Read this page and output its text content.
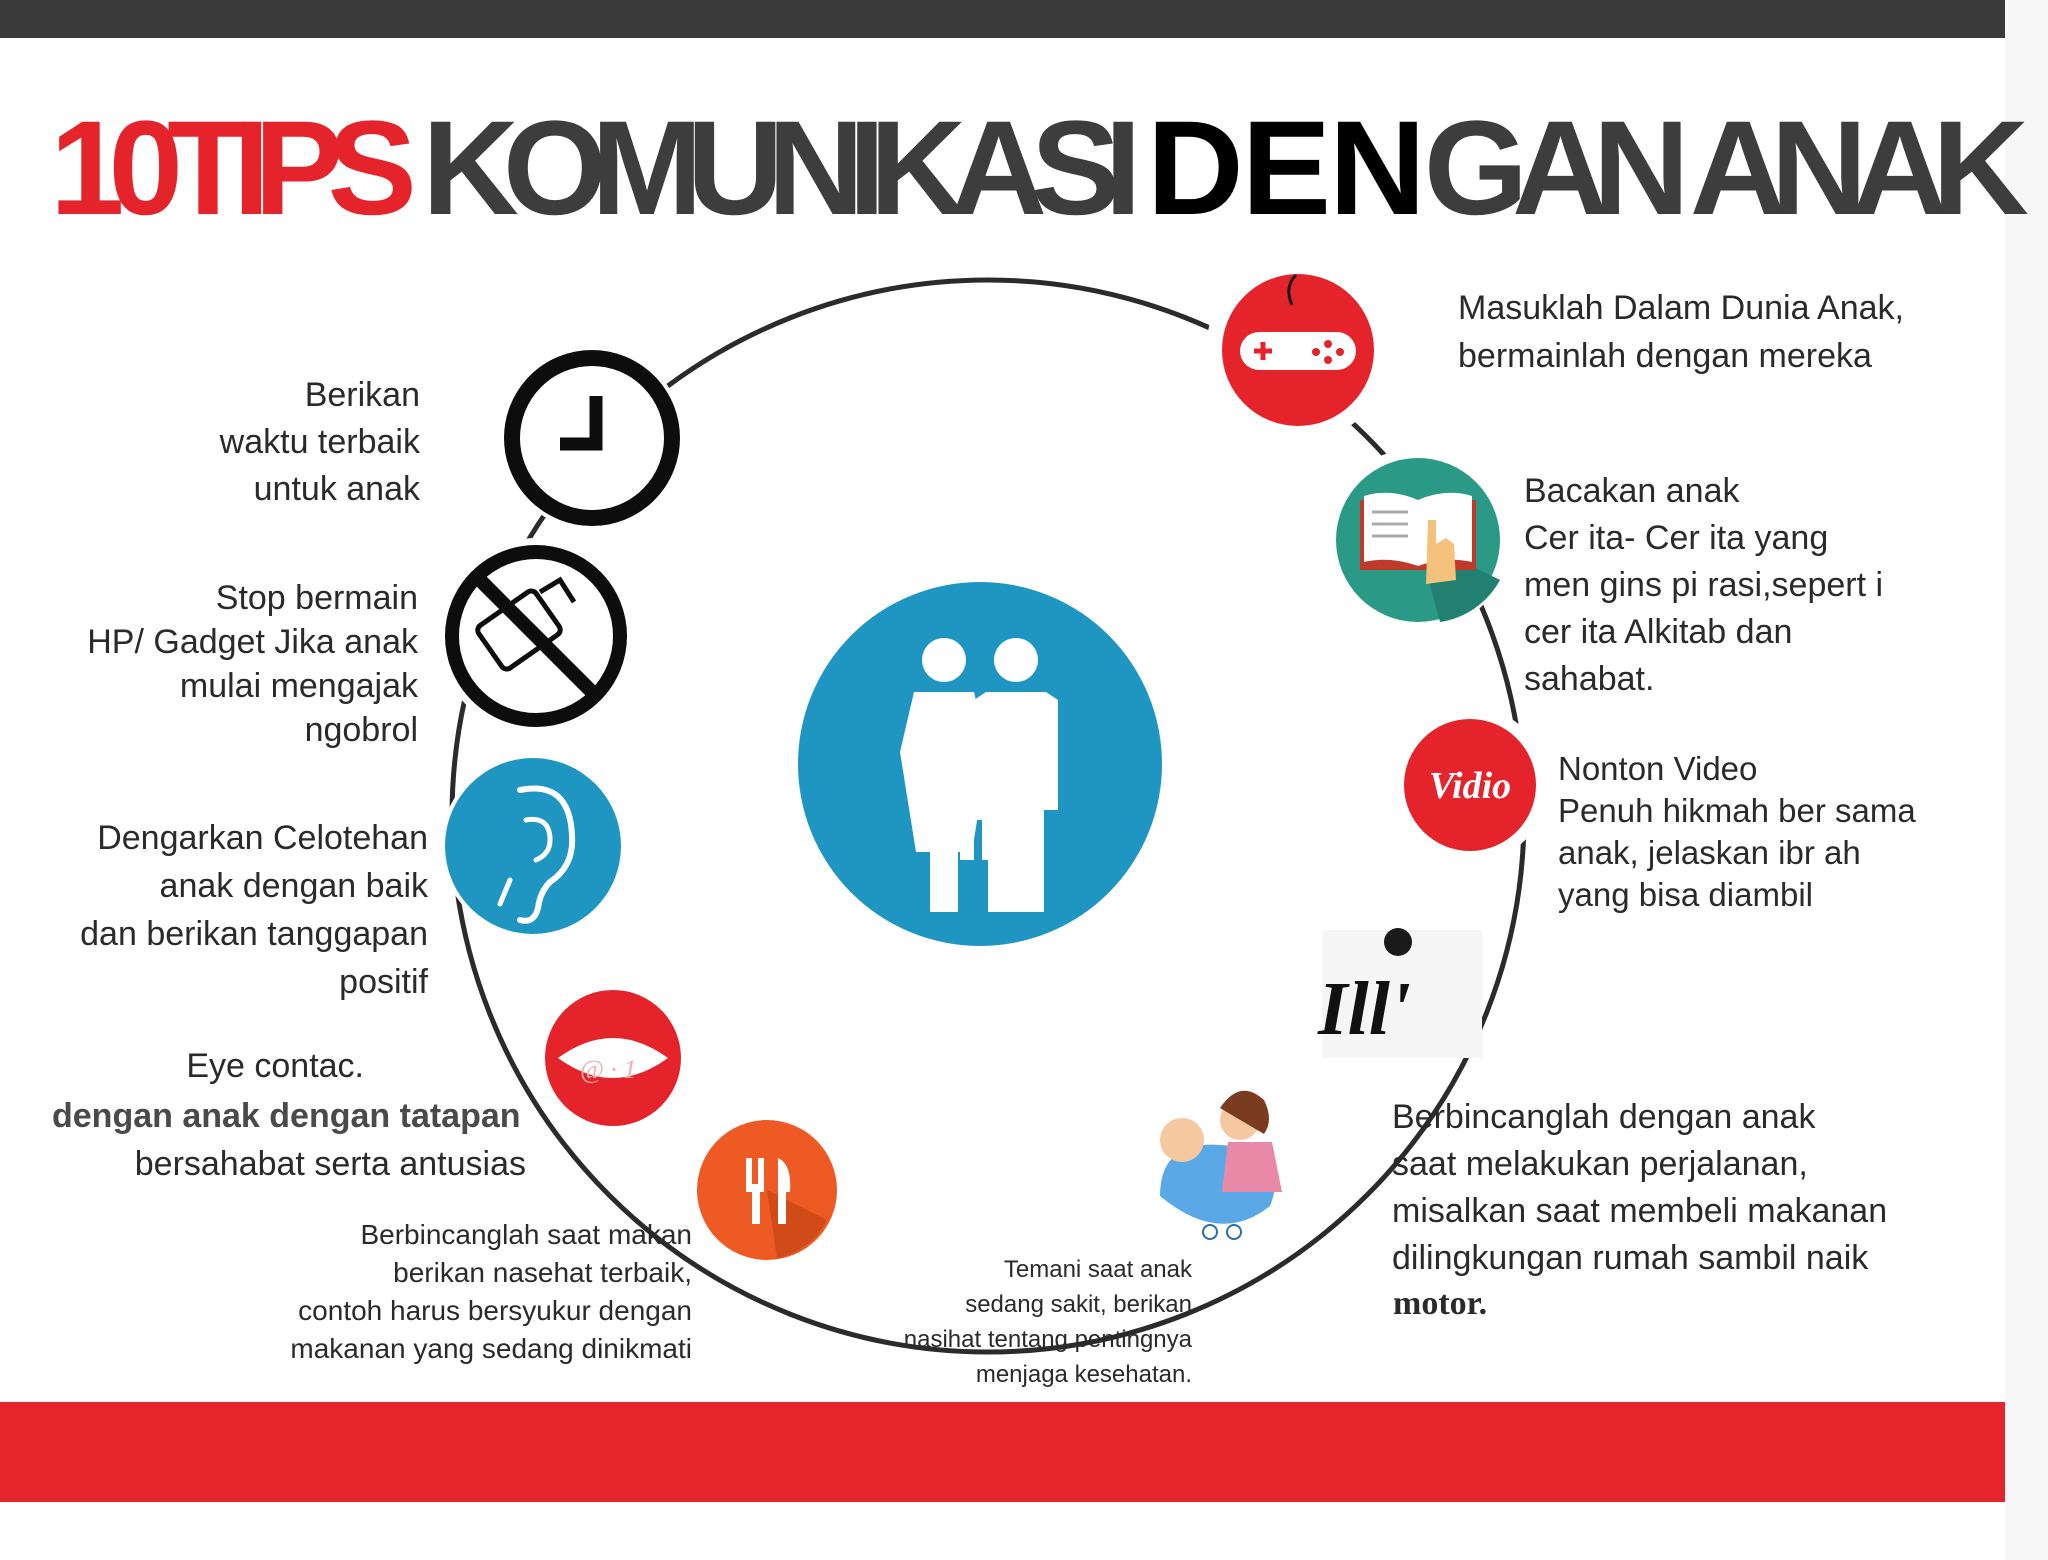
10TIPS KOMUNIKASI DENGAN ANAK
Vidio
Ill'
@ · 1
Masuklah Dalam Dunia Anak,
bermainlah dengan mereka
Bacakan anak
Cer ita- Cer ita yang
men gins pi rasi,sepert i
cer ita Alkitab dan
sahabat.
Nonton Video
Penuh hikmah ber sama
anak, jelaskan ibr ah
yang bisa diambil
Berbincanglah dengan anak
saat melakukan perjalanan,
misalkan saat membeli makanan
dilingkungan rumah sambil naik
motor.
Temani saat anak
sedang sakit, berikan
nasihat tentang pentingnya
menjaga kesehatan.
Berbincanglah saat makan
berikan nasehat terbaik,
contoh harus bersyukur dengan
makanan yang sedang dinikmati
Eye contac.
dengan anak dengan tatapan
bersahabat serta antusias
Dengarkan Celotehan
anak dengan baik
dan berikan tanggapan
positif
Stop bermain
HP/ Gadget Jika anak
mulai mengajak
ngobrol
Berikan
waktu terbaik
untuk anak
